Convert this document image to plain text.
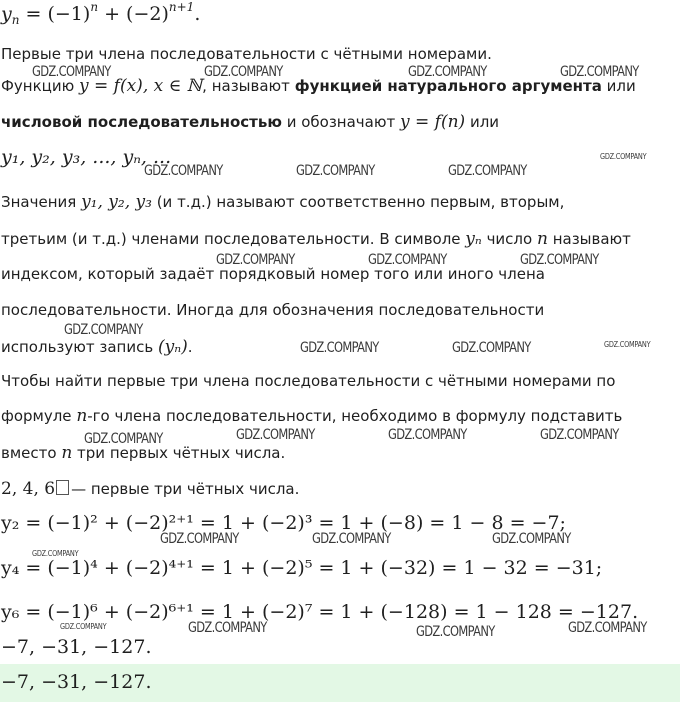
$y_n = (-1)^n + (-2)^{n+1}$.
Первые три члена последовательности с чётными номерами.
Функцию y = f(x), x ∈ ℕ, называют функцией натурального аргумента или
числовой последовательностью и обозначают y = f(n) или
y₁, y₂, y₃, ..., yₙ, ...
Значения y₁, y₂, y₃ (и т.д.) называют соответственно первым, вторым,
третьим (и т.д.) членами последовательности. В символе yₙ число n называют
индексом, который задаёт порядковый номер того или иного члена
последовательности. Иногда для обозначения последовательности
используют запись (yₙ).
Чтобы найти первые три члена последовательности с чётными номерами по
формуле n-го члена последовательности, необходимо в формулу подставить
вместо n три первых чётных числа.
2, 4, 6 — первые три чётных числа.
y₂ = (−1)² + (−2)²⁺¹ = 1 + (−2)³ = 1 + (−8) = 1 − 8 = −7;
y₄ = (−1)⁴ + (−2)⁴⁺¹ = 1 + (−2)⁵ = 1 + (−32) = 1 − 32 = −31;
y₆ = (−1)⁶ + (−2)⁶⁺¹ = 1 + (−2)⁷ = 1 + (−128) = 1 − 128 = −127.
−7, −31, −127.
−7, −31, −127.
GDZ.COMPANY	GDZ.COMPANY	GDZ.COMPANY	GDZ.COMPANY
GDZ.COMPANY	GDZ.COMPANY	GDZ.COMPANY
GDZ.COMPANY
GDZ.COMPANY	GDZ.COMPANY	GDZ.COMPANY
GDZ.COMPANY
GDZ.COMPANY	GDZ.COMPANY	GDZ.COMPANY
GDZ.COMPANY	GDZ.COMPANY	GDZ.COMPANY	GDZ.COMPANY
GDZ.COMPANY	GDZ.COMPANY	GDZ.COMPANY
GDZ.COMPANY
GDZ.COMPANY	GDZ.COMPANY	GDZ.COMPANY
GDZ.COMPANY
